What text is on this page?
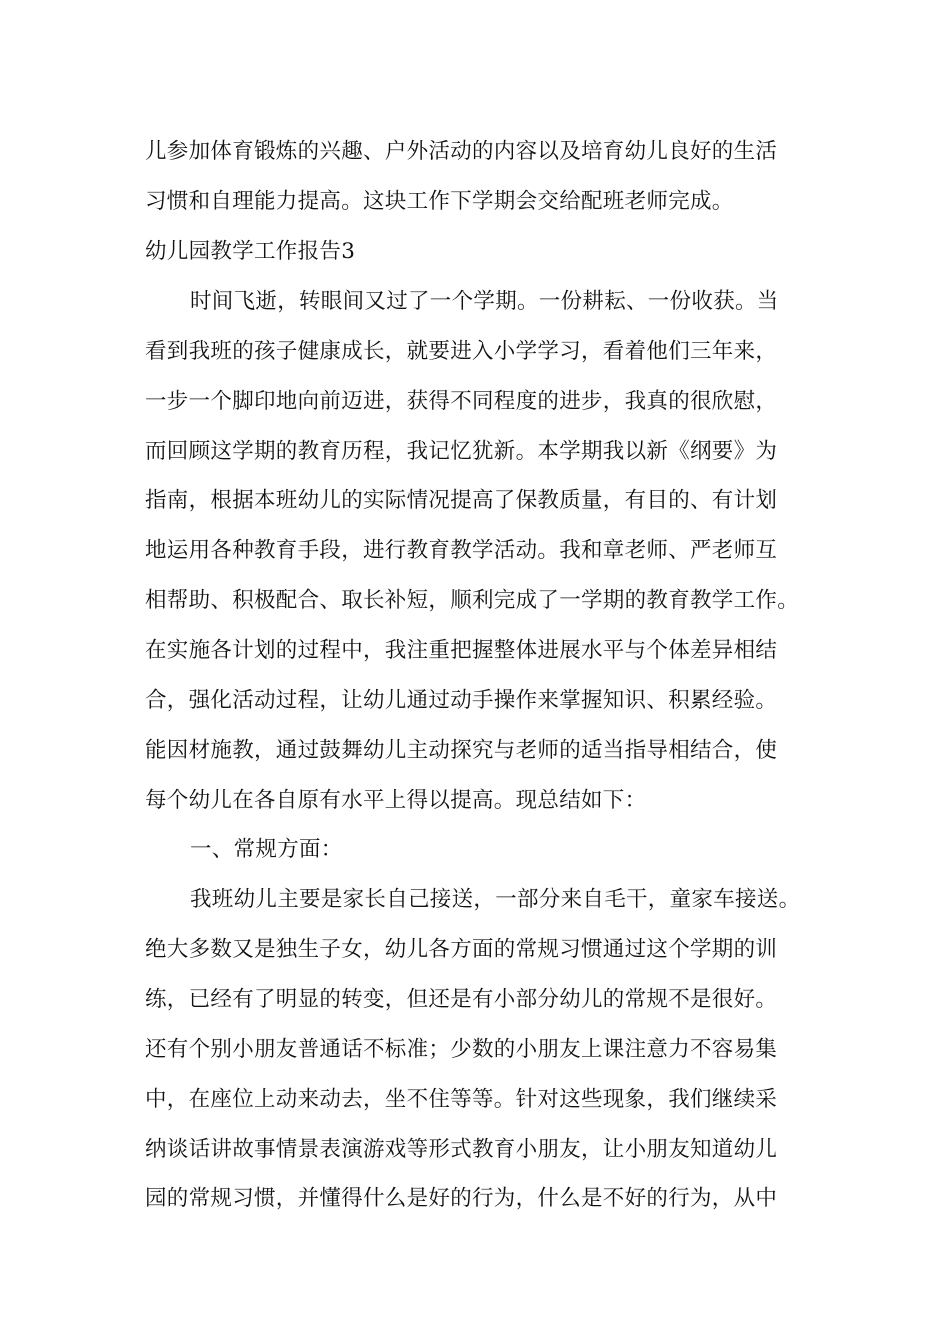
儿参加体育锻炼的兴趣、户外活动的内容以及培育幼儿良好的生活
习惯和自理能力提高。这块工作下学期会交给配班老师完成。
幼儿园教学工作报告3
时间飞逝，转眼间又过了一个学期。一份耕耘、一份收获。当
看到我班的孩子健康成长，就要进入小学学习，看着他们三年来，
一步一个脚印地向前迈进，获得不同程度的进步，我真的很欣慰，
而回顾这学期的教育历程，我记忆犹新。本学期我以新《纲要》为
指南，根据本班幼儿的实际情况提高了保教质量，有目的、有计划
地运用各种教育手段，进行教育教学活动。我和章老师、严老师互
相帮助、积极配合、取长补短，顺利完成了一学期的教育教学工作。
在实施各计划的过程中，我注重把握整体进展水平与个体差异相结
合，强化活动过程，让幼儿通过动手操作来掌握知识、积累经验。
能因材施教，通过鼓舞幼儿主动探究与老师的适当指导相结合，使
每个幼儿在各自原有水平上得以提高。现总结如下：
一、常规方面：
我班幼儿主要是家长自己接送，一部分来自毛干，童家车接送。
绝大多数又是独生子女，幼儿各方面的常规习惯通过这个学期的训
练，已经有了明显的转变，但还是有小部分幼儿的常规不是很好。
还有个别小朋友普通话不标准；少数的小朋友上课注意力不容易集
中，在座位上动来动去，坐不住等等。针对这些现象，我们继续采
纳谈话讲故事情景表演游戏等形式教育小朋友，让小朋友知道幼儿
园的常规习惯，并懂得什么是好的行为，什么是不好的行为，从中
